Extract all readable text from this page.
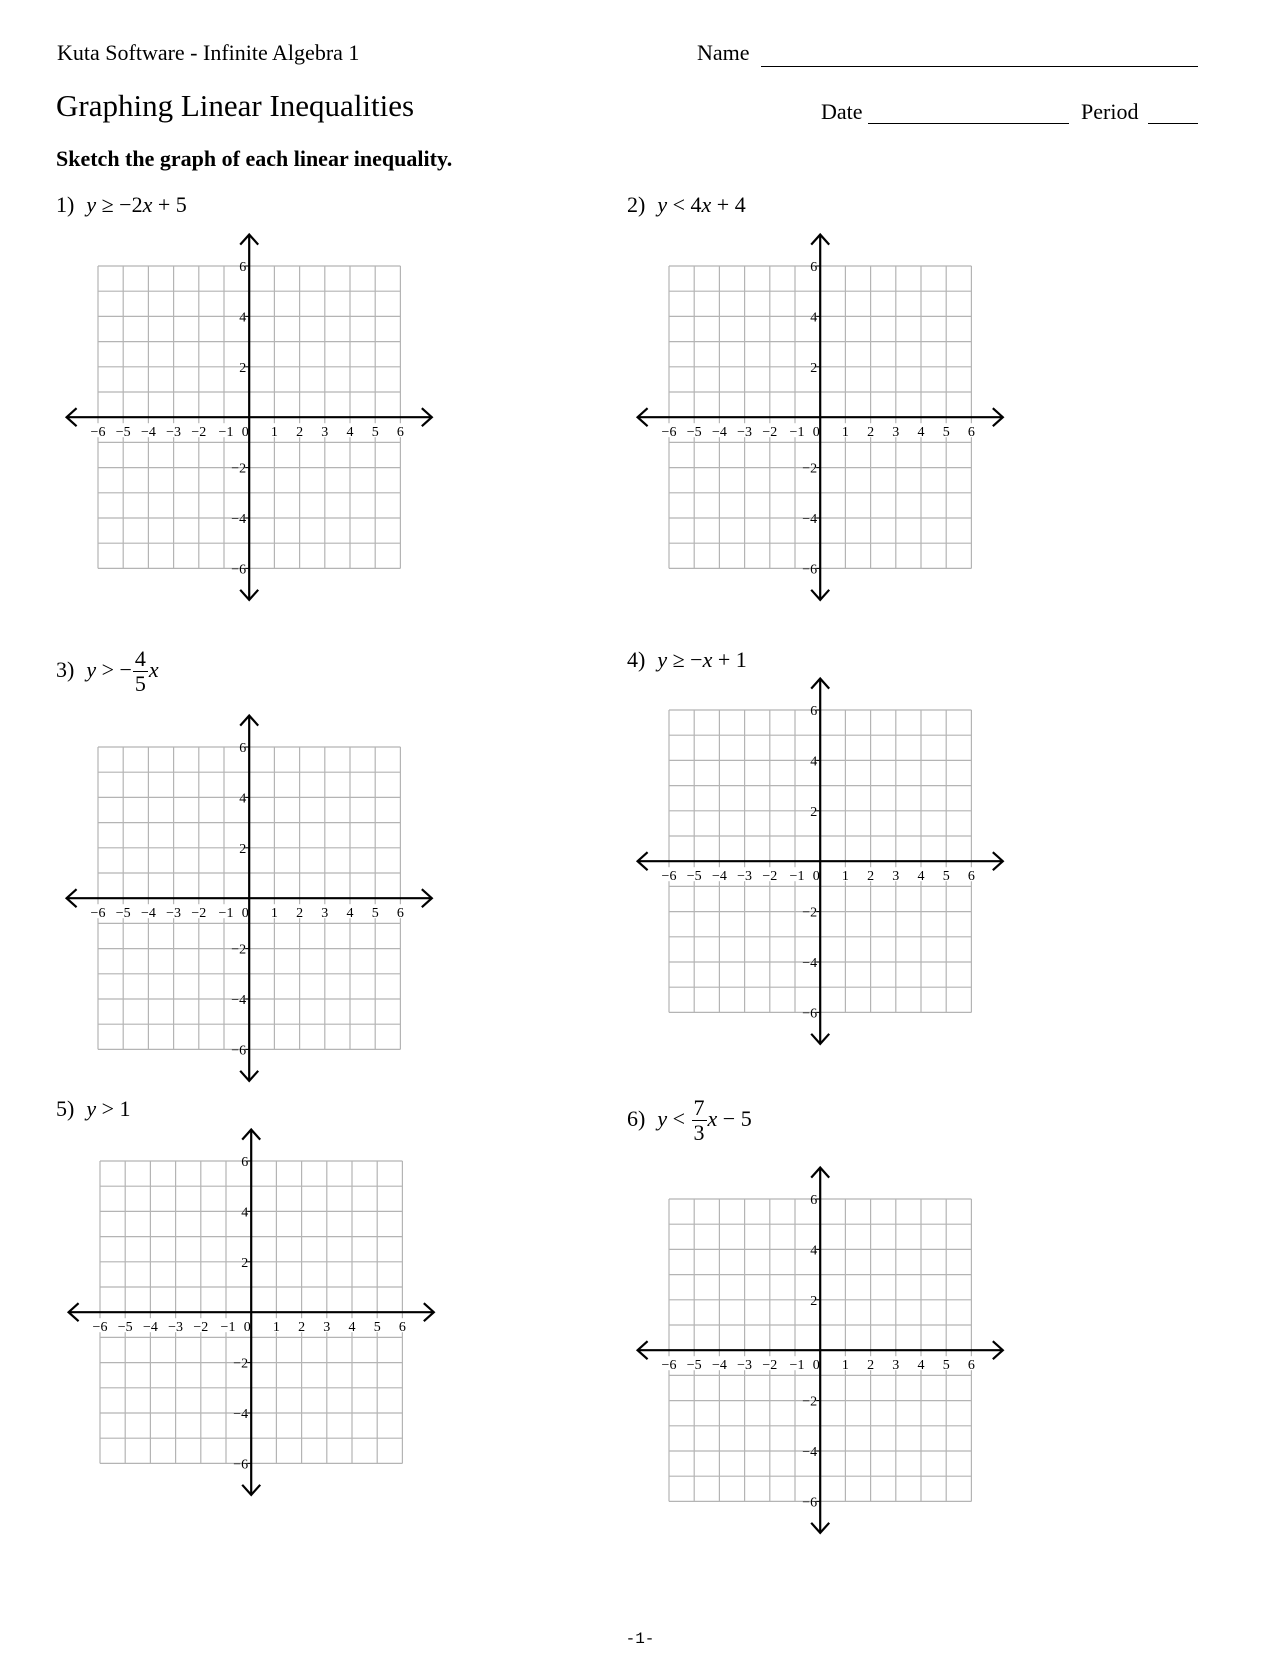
Kuta Software - Infinite Algebra 1	Name
Graphing Linear Inequalities	Date	Period
Sketch the graph of each linear inequality.
1) y ≥ −2x + 5	2) y < 4x + 4
3) y > − $\frac{4}{5}$ x	4) y ≥ −x + 1
5) y > 1	6) $y < \frac{7}{3}$ x − 5
−6 −5 −4 −3 −2 −1 0 1 2 3 4 5 6
6
4
2
−2
−4
−6
−6 −5 −4 −3 −2 −1 0 1 2 3 4 5 6
6
4
2
−2
−4
−6
−6 −5 −4 −3 −2 −1 0 1 2 3 4 5 6
6
4
2
−2
−4
−6
−6 −5 −4 −3 −2 −1 0 1 2 3 4 5 6
6
4
2
−2
−4
−6
−6 −5 −4 −3 −2 −1 0 1 2 3 4 5 6
6
4
2
−2
−4
−6
−6 −5 −4 −3 −2 −1 0 1 2 3 4 5 6
6
4
2
−2
−4
−6
-1-
